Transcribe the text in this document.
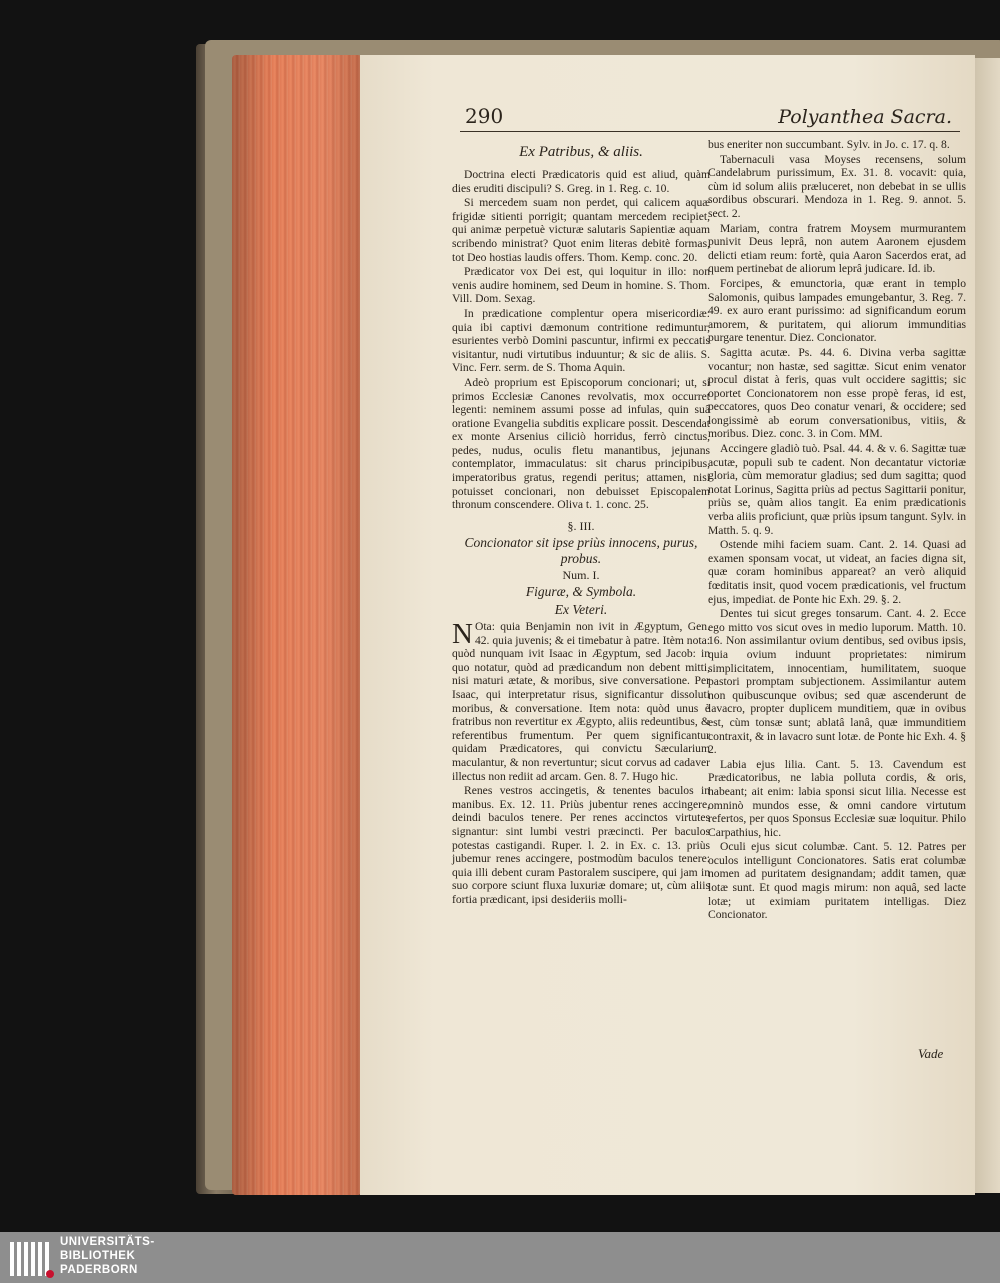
290	Polyanthea Sacra.
Ex Patribus, & aliis.

Doctrina electi Prædicatoris quid est aliud, quàm dies eruditi discipuli? S. Greg. in 1. Reg. c. 10.

Si mercedem suam non perdet, qui calicem aquæ frigidæ sitienti porrigit; quantam mercedem recipiet, qui animæ perpetuè victuræ salutaris Sapientiæ aquam scribendo ministrat? Quot enim literas debitè formas, tot Deo hostias laudis offers. Thom. Kemp. conc. 20.

Prædicator vox Dei est, qui loquitur in illo: non venis audire hominem, sed Deum in homine. S. Thom. Vill. Dom. Sexag.

In prædicatione complentur opera misericordiæ: quia ibi captivi dæmonum contritione redimuntur, esurientes verbò Domini pascuntur, infirmi ex peccatis visitantur, nudi virtutibus induuntur; & sic de aliis. S. Vinc. Ferr. serm. de S. Thoma Aquin.

Adeò proprium est Episcoporum concionari; ut, si primos Ecclesiæ Canones revolvatis, mox occurret legenti: neminem assumi posse ad infulas, quin suâ oratione Evangelia subditis explicare possit. Descendat ex monte Arsenius ciliciò horridus, ferrò cinctus, pedes, nudus, oculis fletu manantibus, jejunans contemplator, immaculatus: sit charus principibus, imperatoribus gratus, regendi peritus; attamen, nisi potuisset concionari, non debuisset Episcopalem thronum conscendere. Oliva t. 1. conc. 25.

§. III.
Concionator sit ipse priùs innocens, purus, probus.
Num. I.
Figuræ, & Symbola.
Ex Veteri.

N Ota: quia Benjamin non ivit in Ægyptum, Gen. 42. quia juvenis; & ei timebatur à patre. Itèm nota: quòd nunquam ivit Isaac in Ægyptum, sed Jacob: in quo notatur, quòd ad prædicandum non debent mitti, nisi maturi ætate, & moribus, sive conversatione. Per Isaac, qui interpretatur risus, significantur dissoluti moribus, & conversatione. Item nota: quòd unus è fratribus non revertitur ex Ægypto, aliis redeuntibus, & referentibus frumentum. Per quem significantur quidam Prædicatores, qui convictu Sæcularium maculantur, & non revertuntur; sicut corvus ad cadaver illectus non rediit ad arcam. Gen. 8. 7. Hugo hic.

Renes vestros accingetis, & tenentes baculos in manibus. Ex. 12. 11. Priùs jubentur renes accingere, deindi baculos tenere. Per renes accinctos virtutes signantur: sint lumbi vestri præcincti. Per baculos potestas castigandi. Ruper. l. 2. in Ex. c. 13. priùs jubemur renes accingere, postmodùm baculos tenere: quia illi debent curam Pastoralem suscipere, qui jam in suo corpore sciunt fluxa luxuriæ domare; ut, cùm aliis fortia prædicant, ipsi desideriis molli-

bus eneriter non succumbant. Sylv. in Jo. c. 17. q. 8.

Tabernaculi vasa Moyses recensens, solum Candelabrum purissimum, Ex. 31. 8. vocavit: quia, cùm id solum aliis præluceret, non debebat in se ullis sordibus obscurari. Mendoza in 1. Reg. 9. annot. 5. sect. 2.

Mariam, contra fratrem Moysem murmurantem punivit Deus leprâ, non autem Aaronem ejusdem delicti etiam reum: fortè, quia Aaron Sacerdos erat, ad quem pertinebat de aliorum leprâ judicare. Id. ib.

Forcipes, & emunctoria, quæ erant in templo Salomonis, quibus lampades emungebantur, 3. Reg. 7. 49. ex auro erant purissimo: ad significandum eorum amorem, & puritatem, qui aliorum immunditias purgare tenentur. Diez. Concionator.

Sagitta acutæ. Ps. 44. 6. Divina verba sagittæ vocantur; non hastæ, sed sagittæ. Sicut enim venator procul distat à feris, quas vult occidere sagittis; sic oportet Concionatorem non esse propè feras, id est, peccatores, quos Deo conatur venari, & occidere; sed longissimè ab eorum conversationibus, vitiis, & moribus. Diez. conc. 3. in Com. MM.

Accingere gladiò tuò. Psal. 44. 4. & v. 6. Sagittæ tuæ acutæ, populi sub te cadent. Non decantatur victoriæ gloria, cùm memoratur gladius; sed dum sagitta; quod notat Lorinus, Sagitta priùs ad pectus Sagittarii ponitur, priùs se, quàm alios tangit. Ea enim prædicationis verba aliis proficiunt, quæ priùs ipsum tangunt. Sylv. in Matth. 5. q. 9.

Ostende mihi faciem suam. Cant. 2. 14. Quasi ad examen sponsam vocat, ut videat, an facies digna sit, quæ coram hominibus appareat? an verò aliquid fœditatis insit, quod vocem prædicationis, vel fructum ejus, impediat. de Ponte hic Exh. 29. §. 2.

Dentes tui sicut greges tonsarum. Cant. 4. 2. Ecce ego mitto vos sicut oves in medio luporum. Matth. 10. 16. Non assimilantur ovium dentibus, sed ovibus ipsis, quia ovium induunt proprietates: nimirum simplicitatem, innocentiam, humilitatem, suoque pastori promptam subjectionem. Assimilantur autem non quibuscunque ovibus; sed quæ ascenderunt de lavacro, propter duplicem munditiem, quæ in ovibus est, cùm tonsæ sunt; ablatâ lanâ, quæ immunditiem contraxit, & in lavacro sunt lotæ. de Ponte hic Exh. 4. § 2.

Labia ejus lilia. Cant. 5. 13. Cavendum est Prædicatoribus, ne labia polluta cordis, & oris, habeant; ait enim: labia sponsi sicut lilia. Necesse est omninò mundos esse, & omni candore virtutum refertos, per quos Sponsus Ecclesiæ suæ loquitur. Philo Carpathius, hic.

Oculi ejus sicut columbæ. Cant. 5. 12. Patres per oculos intelligunt Concionatores. Satis erat columbæ nomen ad puritatem designandam; addit tamen, quæ lotæ sunt. Et quod magis mirum: non aquâ, sed lacte lotæ; ut eximiam puritatem intelligas. Diez Concionator.

Vade
UNIVERSITÄTS-
BIBLIOTHEK
PADERBORN
